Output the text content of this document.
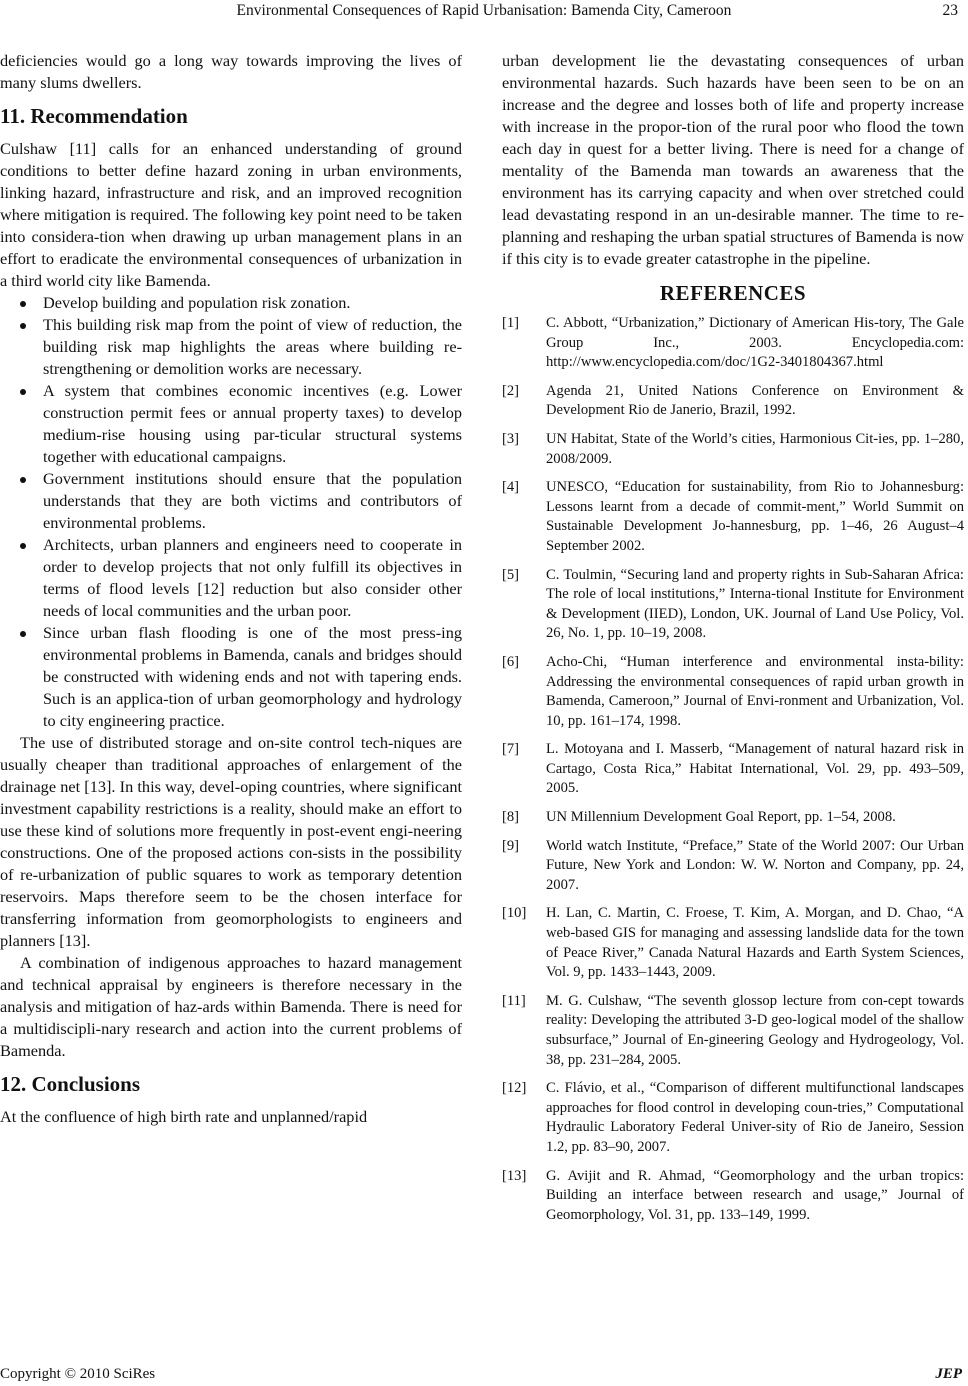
Environmental Consequences of Rapid Urbanisation: Bamenda City, Cameroon	23

deficiencies would go a long way towards improving the lives of many slums dwellers.

11. Recommendation

Culshaw [11] calls for an enhanced understanding of ground conditions to better define hazard zoning in urban environments, linking hazard, infrastructure and risk, and an improved recognition where mitigation is required. The following key point need to be taken into considera-tion when drawing up urban management plans in an effort to eradicate the environmental consequences of urbanization in a third world city like Bamenda.

Develop building and population risk zonation.
This building risk map from the point of view of reduction, the building risk map highlights the areas where building re-strengthening or demolition works are necessary.
A system that combines economic incentives (e.g. Lower construction permit fees or annual property taxes) to develop medium-rise housing using par-ticular structural systems together with educational campaigns.
Government institutions should ensure that the population understands that they are both victims and contributors of environmental problems.
Architects, urban planners and engineers need to cooperate in order to develop projects that not only fulfill its objectives in terms of flood levels [12] reduction but also consider other needs of local communities and the urban poor.
Since urban flash flooding is one of the most press-ing environmental problems in Bamenda, canals and bridges should be constructed with widening ends and not with tapering ends. Such is an applica-tion of urban geomorphology and hydrology to city engineering practice.

The use of distributed storage and on-site control tech-niques are usually cheaper than traditional approaches of enlargement of the drainage net [13]. In this way, devel-oping countries, where significant investment capability restrictions is a reality, should make an effort to use these kind of solutions more frequently in post-event engi-neering constructions. One of the proposed actions con-sists in the possibility of re-urbanization of public squares to work as temporary detention reservoirs. Maps therefore seem to be the chosen interface for transferring information from geomorphologists to engineers and planners [13].

A combination of indigenous approaches to hazard management and technical appraisal by engineers is therefore necessary in the analysis and mitigation of haz-ards within Bamenda. There is need for a multidiscipli-nary research and action into the current problems of Bamenda.

12. Conclusions

At the confluence of high birth rate and unplanned/rapid

urban development lie the devastating consequences of urban environmental hazards. Such hazards have been seen to be on an increase and the degree and losses both of life and property increase with increase in the propor-tion of the rural poor who flood the town each day in quest for a better living. There is need for a change of mentality of the Bamenda man towards an awareness that the environment has its carrying capacity and when over stretched could lead devastating respond in an un-desirable manner. The time to re-planning and reshaping the urban spatial structures of Bamenda is now if this city is to evade greater catastrophe in the pipeline.

REFERENCES
[1] C. Abbott, “Urbanization,” Dictionary of American His-tory, The Gale Group Inc., 2003. Encyclopedia.com: http://www.encyclopedia.com/doc/1G2-3401804367.html
[2] Agenda 21, United Nations Conference on Environment & Development Rio de Janerio, Brazil, 1992.
[3] UN Habitat, State of the World’s cities, Harmonious Cit-ies, pp. 1–280, 2008/2009.
[4] UNESCO, “Education for sustainability, from Rio to Johannesburg: Lessons learnt from a decade of commit-ment,” World Summit on Sustainable Development Jo-hannesburg, pp. 1–46, 26 August–4 September 2002.
[5] C. Toulmin, “Securing land and property rights in Sub-Saharan Africa: The role of local institutions,” Interna-tional Institute for Environment & Development (IIED), London, UK. Journal of Land Use Policy, Vol. 26, No. 1, pp. 10–19, 2008.
[6] Acho-Chi, “Human interference and environmental insta-bility: Addressing the environmental consequences of rapid urban growth in Bamenda, Cameroon,” Journal of Envi-ronment and Urbanization, Vol. 10, pp. 161–174, 1998.
[7] L. Motoyana and I. Masserb, “Management of natural hazard risk in Cartago, Costa Rica,” Habitat International, Vol. 29, pp. 493–509, 2005.
[8] UN Millennium Development Goal Report, pp. 1–54, 2008.
[9] World watch Institute, “Preface,” State of the World 2007: Our Urban Future, New York and London: W. W. Norton and Company, pp. 24, 2007.
[10] H. Lan, C. Martin, C. Froese, T. Kim, A. Morgan, and D. Chao, “A web-based GIS for managing and assessing landslide data for the town of Peace River,” Canada Natural Hazards and Earth System Sciences, Vol. 9, pp. 1433–1443, 2009.
[11] M. G. Culshaw, “The seventh glossop lecture from con-cept towards reality: Developing the attributed 3-D geo-logical model of the shallow subsurface,” Journal of En-gineering Geology and Hydrogeology, Vol. 38, pp. 231–284, 2005.
[12] C. Flávio, et al., “Comparison of different multifunctional landscapes approaches for flood control in developing coun-tries,” Computational Hydraulic Laboratory Federal Univer-sity of Rio de Janeiro, Session 1.2, pp. 83–90, 2007.
[13] G. Avijit and R. Ahmad, “Geomorphology and the urban tropics: Building an interface between research and usage,” Journal of Geomorphology, Vol. 31, pp. 133–149, 1999.
Copyright © 2010 SciRes	JEP
